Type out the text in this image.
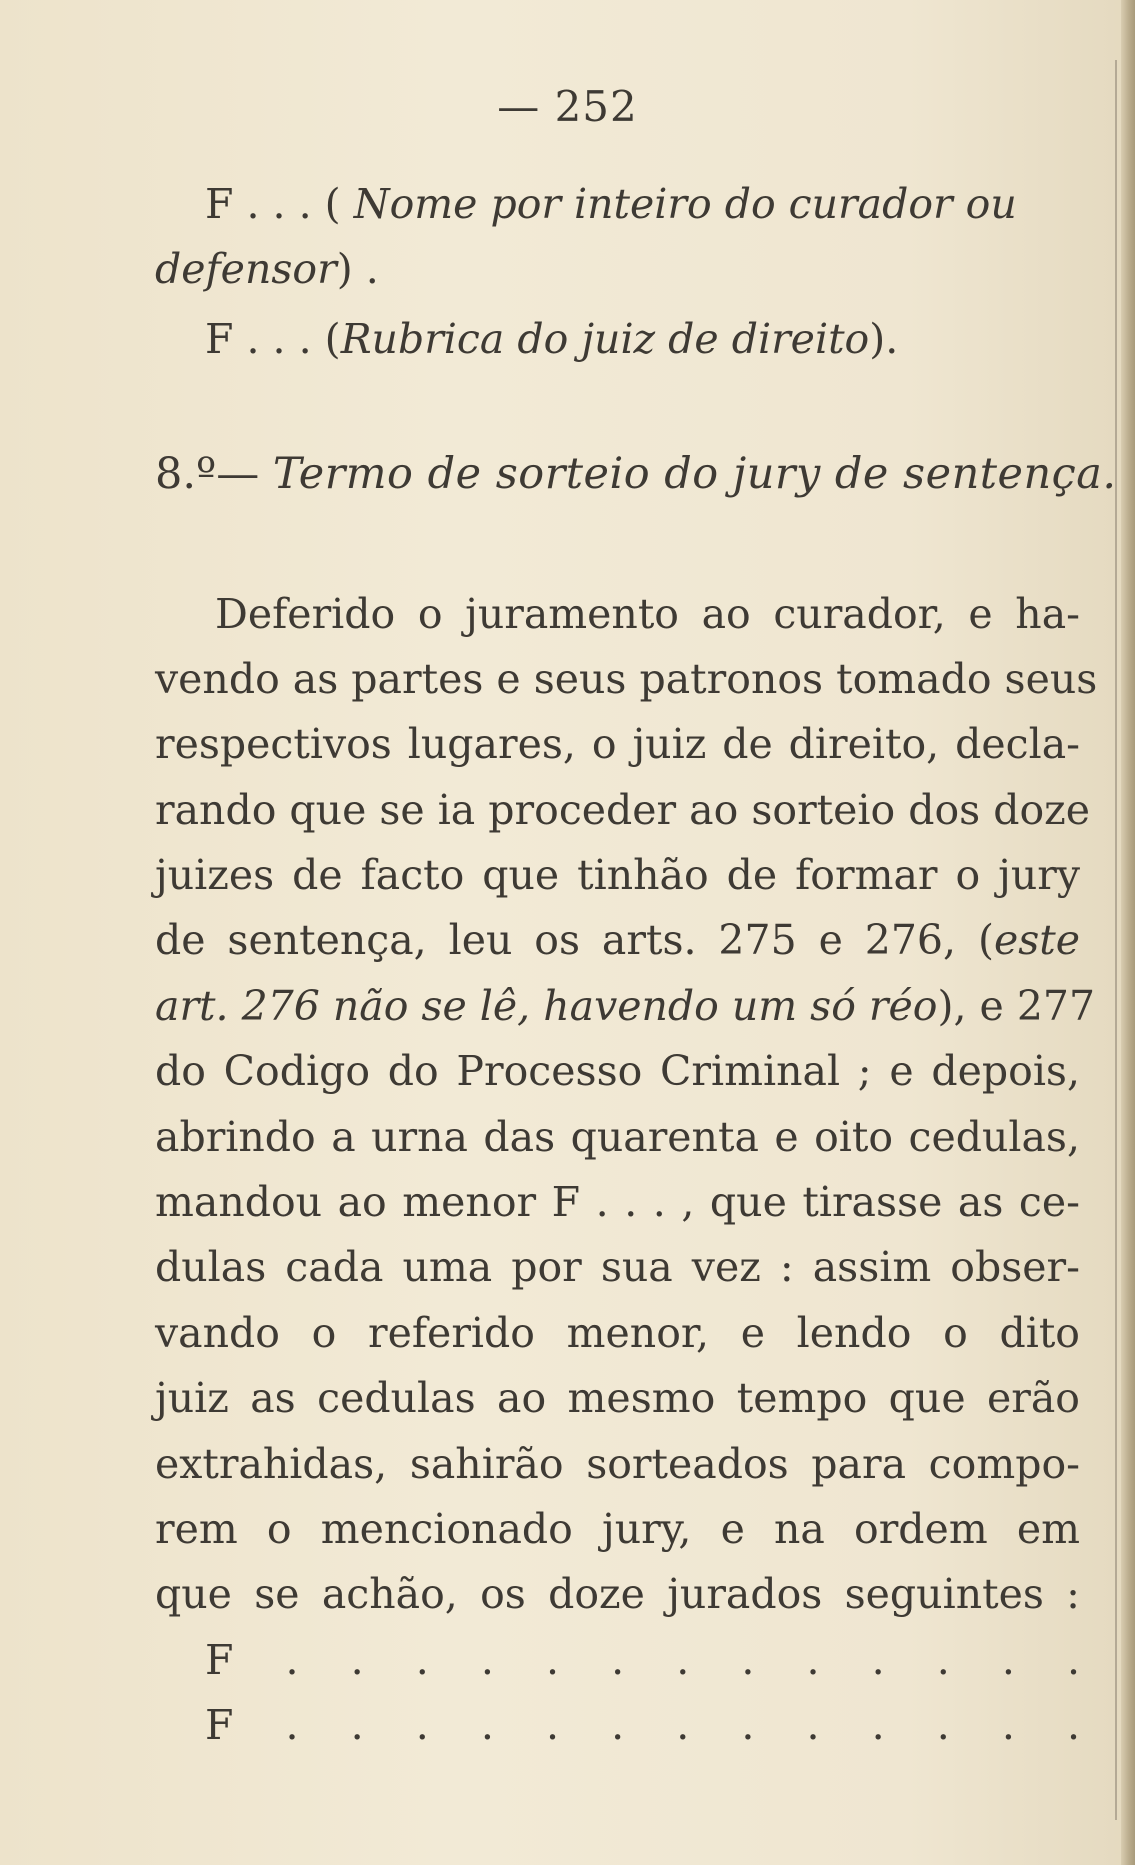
— 252
F . . . ( Nome por inteiro do curador ou
defensor) .
F . . . (Rubrica do juiz de direito).
8.º— Termo de sorteio do jury de sentença.
Deferido o juramento ao curador, e ha-
vendo as partes e seus patronos tomado seus
respectivos lugares, o juiz de direito, decla-
rando que se ia proceder ao sorteio dos doze
juizes de facto que tinhão de formar o jury
de sentença, leu os arts. 275 e 276, (este
art. 276 não se lê, havendo um só réo), e 277
do Codigo do Processo Criminal ; e depois,
abrindo a urna das quarenta e oito cedulas,
mandou ao menor F . . . , que tirasse as ce-
dulas cada uma por sua vez : assim obser-
vando o referido menor, e lendo o dito
juiz as cedulas ao mesmo tempo que erão
extrahidas, sahirão sorteados para compo-
rem o mencionado jury, e na ordem em
que se achão, os doze jurados seguintes :
F . . . . . . . . . . . . .
F . . . . . . . . . . . . .
